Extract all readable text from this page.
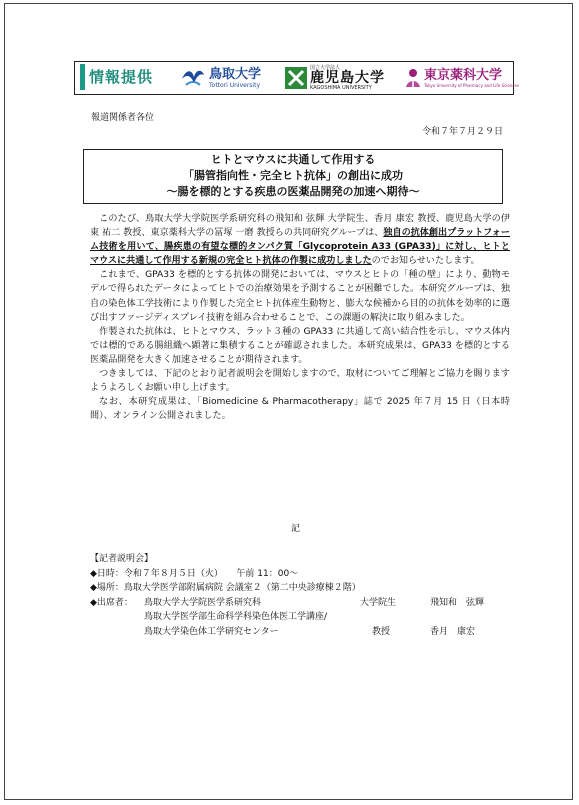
情報提供	鳥取大学
Tottori University
国立大学法人
鹿児島大学
KAGOSHIMA UNIVERSITY
東京薬科大学
Tokyo University of Pharmacy and Life Sciences
報道関係者各位
令和７年７月２９日
ヒトとマウスに共通して作用する
「腸管指向性・完全ヒト抗体」の創出に成功
～腸を標的とする疾患の医薬品開発の加速へ期待～

このたび、鳥取大学大学院医学系研究科の飛知和 弦輝 大学院生、香月 康宏 教授、鹿児島大学の伊東 祐二 教授、東京薬科大学の冨塚 一磨 教授らの共同研究グループは、独自の抗体創出プラットフォーム技術を用いて、腸疾患の有望な標的タンパク質「Glycoprotein A33 (GPA33)」に対し、ヒトとマウスに共通して作用する新規の完全ヒト抗体の作製に成功しましたのでお知らせいたします。

これまで、GPA33 を標的とする抗体の開発においては、マウスとヒトの「種の壁」により、動物モデルで得られたデータによってヒトでの治療効果を予測することが困難でした。本研究グループは、独自の染色体工学技術により作製した完全ヒト抗体産生動物と、膨大な候補から目的の抗体を効率的に選び出すファージディスプレイ技術を組み合わせることで、この課題の解決に取り組みました。

作製された抗体は、ヒトとマウス、ラット３種の GPA33 に共通して高い結合性を示し、マウス体内では標的である腸組織へ顕著に集積することが確認されました。本研究成果は、GPA33 を標的とする医薬品開発を大きく加速させることが期待されます。

つきましては、下記のとおり記者説明会を開始しますので、取材についてご理解とご協力を賜りますようよろしくお願い申し上げます。

なお、本研究成果は、「Biomedicine & Pharmacotherapy」誌で 2025 年７月 15 日（日本時間）、オンライン公開されました。

記
【記者説明会】
◆日時：令和７年８月５日（火）　　午前 11：00～
◆場所：鳥取大学医学部附属病院 会議室２（第二中央診療棟２階）
◆出席者： 鳥取大学大学院医学系研究科	大学院生	飛知和　弦輝
鳥取大学医学部生命科学科染色体医工学講座/
鳥取大学染色体工学研究センター	教授	香月　康宏
